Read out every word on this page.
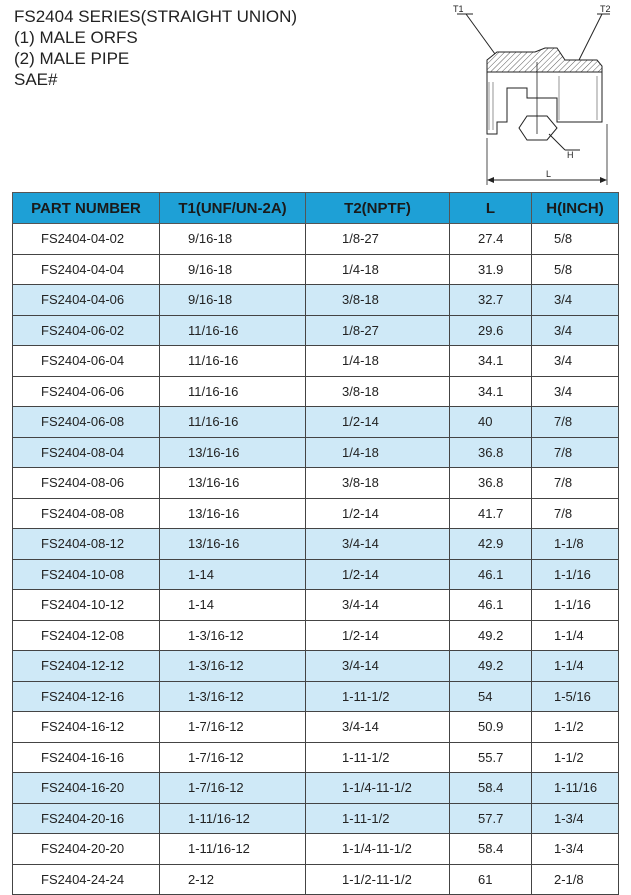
FS2404 SERIES(STRAIGHT UNION)
(1) MALE ORFS
(2) MALE PIPE
SAE#
T1	T2
H
L
PART NUMBER	T1(UNF/UN-2A)	T2(NPTF)	L	H(INCH)
FS2404-04-02	9/16-18	1/8-27	27.4	5/8
FS2404-04-04	9/16-18	1/4-18	31.9	5/8
FS2404-04-06	9/16-18	3/8-18	32.7	3/4
FS2404-06-02	11/16-16	1/8-27	29.6	3/4
FS2404-06-04	11/16-16	1/4-18	34.1	3/4
FS2404-06-06	11/16-16	3/8-18	34.1	3/4
FS2404-06-08	11/16-16	1/2-14	40	7/8
FS2404-08-04	13/16-16	1/4-18	36.8	7/8
FS2404-08-06	13/16-16	3/8-18	36.8	7/8
FS2404-08-08	13/16-16	1/2-14	41.7	7/8
FS2404-08-12	13/16-16	3/4-14	42.9	1-1/8
FS2404-10-08	1-14	1/2-14	46.1	1-1/16
FS2404-10-12	1-14	3/4-14	46.1	1-1/16
FS2404-12-08	1-3/16-12	1/2-14	49.2	1-1/4
FS2404-12-12	1-3/16-12	3/4-14	49.2	1-1/4
FS2404-12-16	1-3/16-12	1-11-1/2	54	1-5/16
FS2404-16-12	1-7/16-12	3/4-14	50.9	1-1/2
FS2404-16-16	1-7/16-12	1-11-1/2	55.7	1-1/2
FS2404-16-20	1-7/16-12	1-1/4-11-1/2	58.4	1-11/16
FS2404-20-16	1-11/16-12	1-11-1/2	57.7	1-3/4
FS2404-20-20	1-11/16-12	1-1/4-11-1/2	58.4	1-3/4
FS2404-24-24	2-12	1-1/2-11-1/2	61	2-1/8
